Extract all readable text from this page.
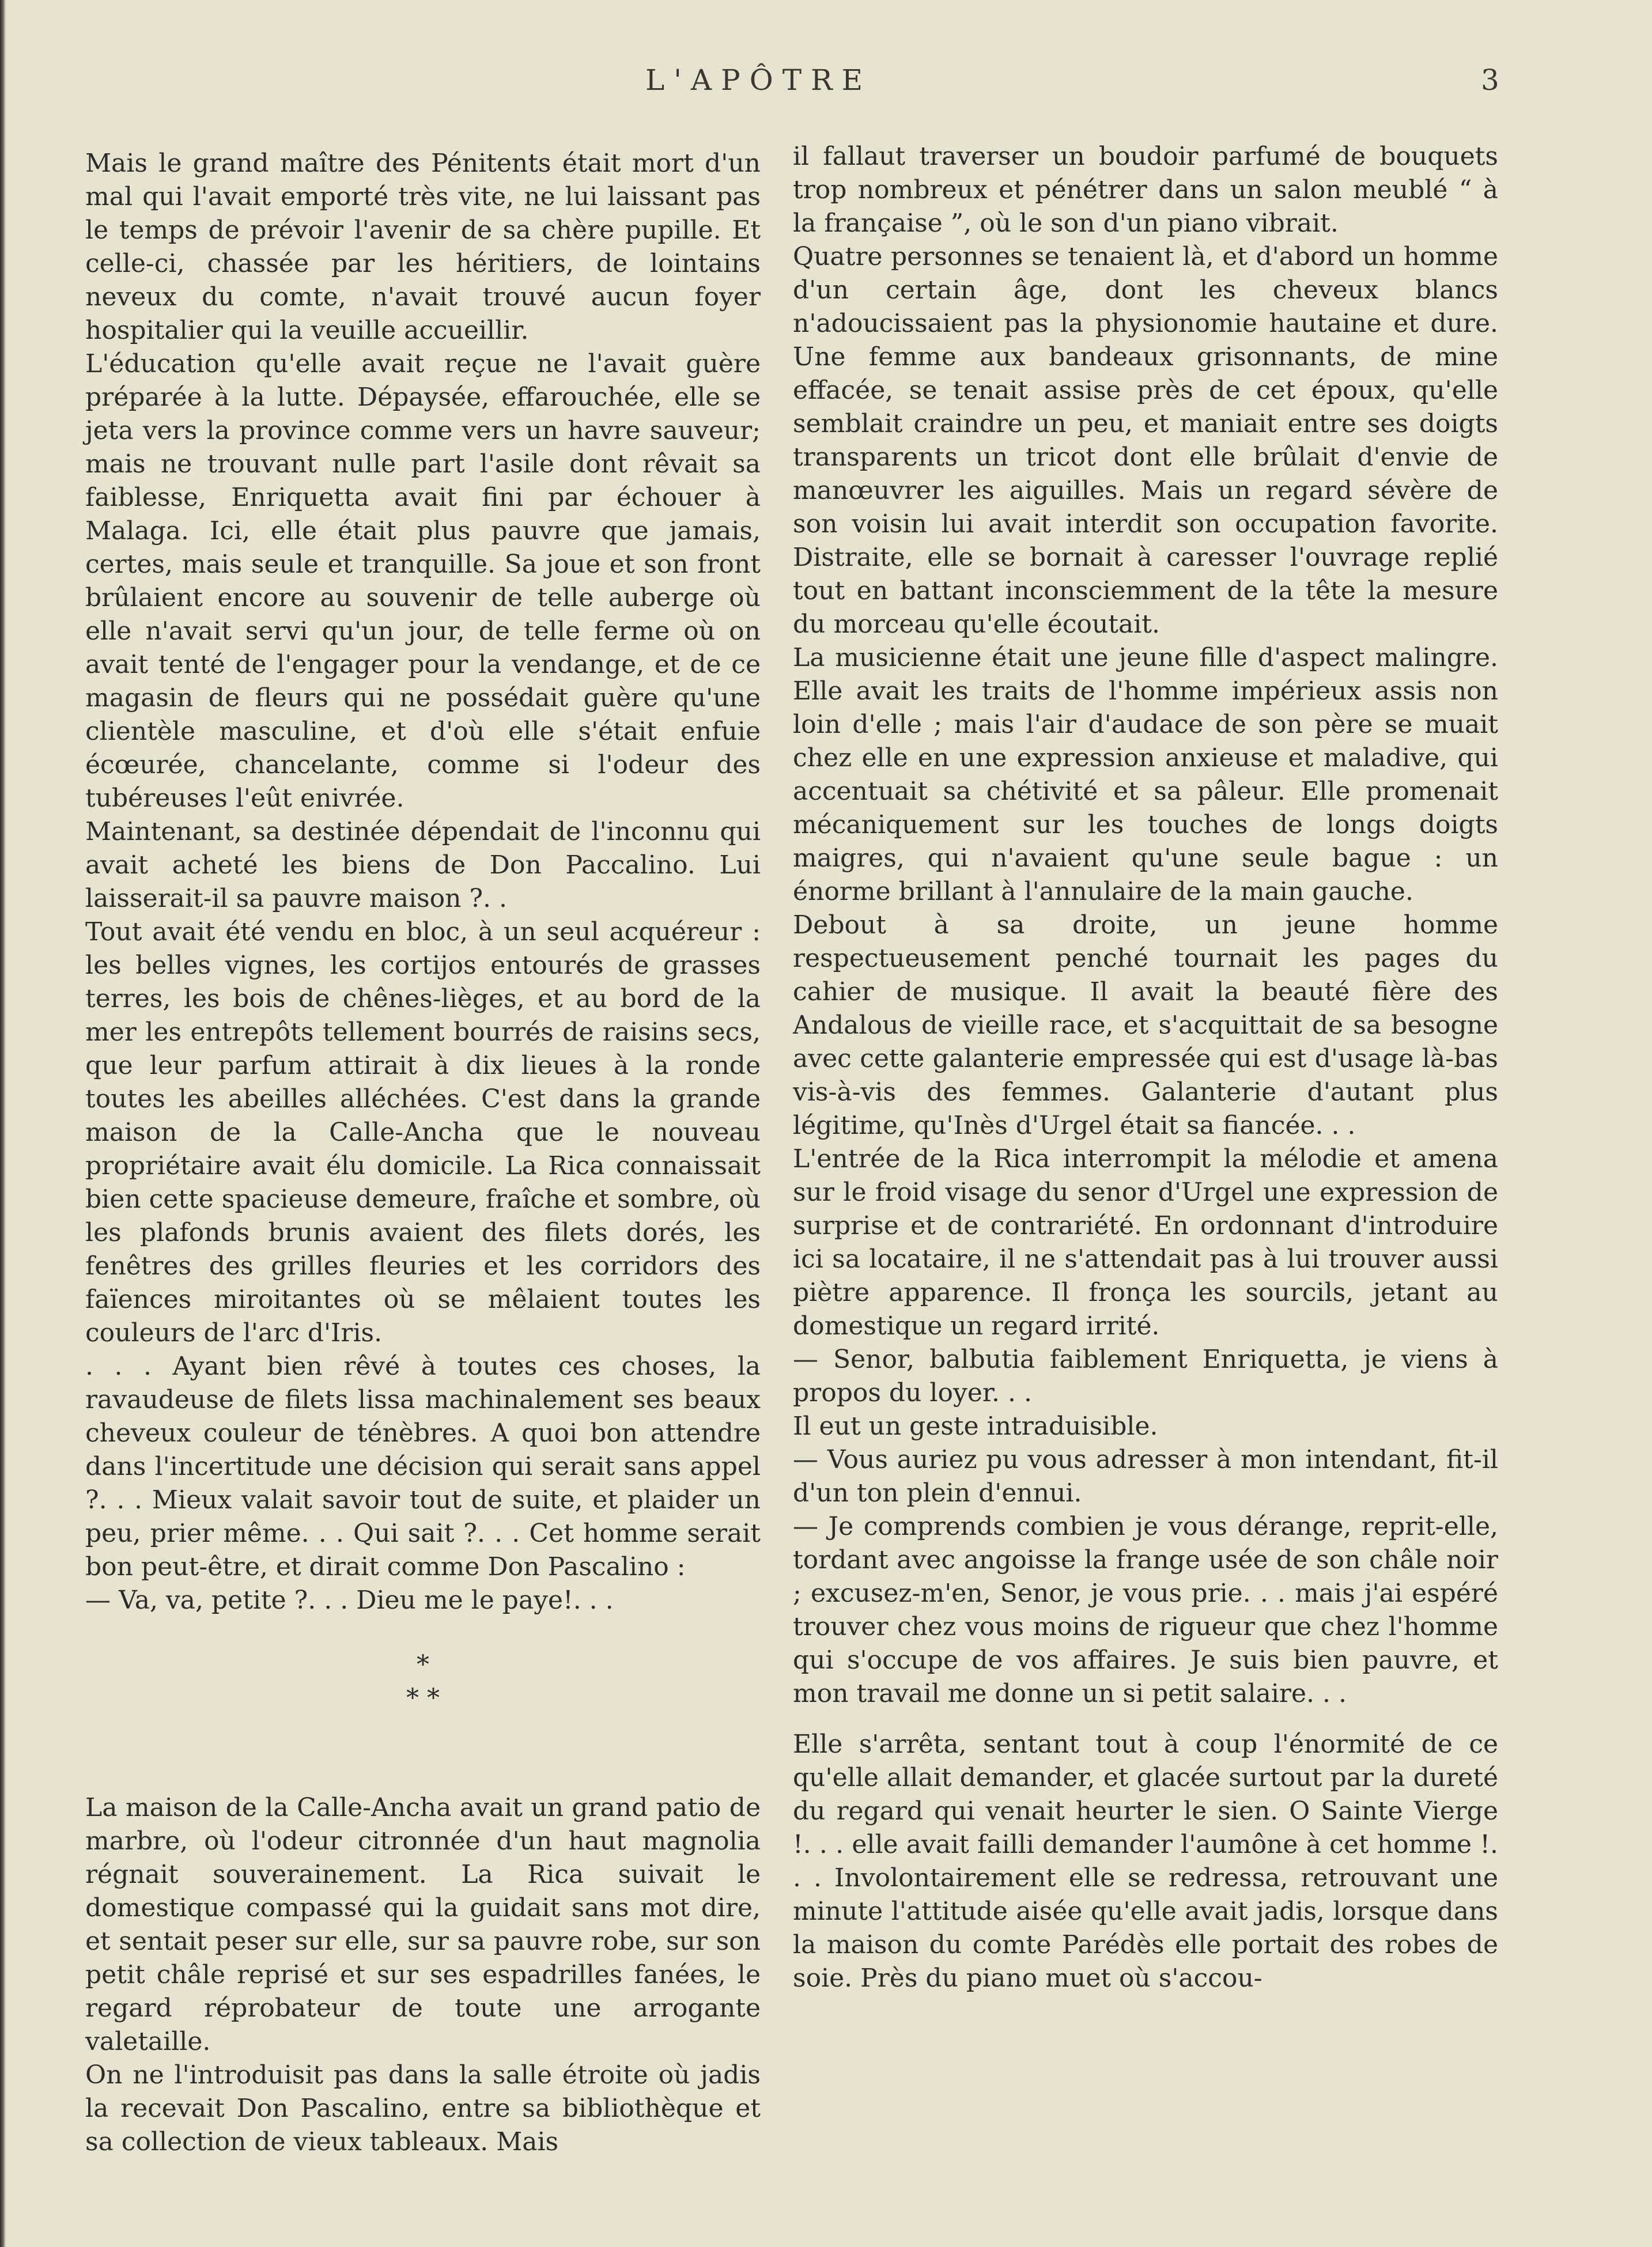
L'APÔTRE	3

Mais le grand maître des Pénitents était mort d'un mal qui l'avait emporté très vite, ne lui laissant pas le temps de prévoir l'avenir de sa chère pupille. Et celle-ci, chassée par les héritiers, de lointains neveux du comte, n'avait trouvé aucun foyer hospitalier qui la veuille accueillir.

L'éducation qu'elle avait reçue ne l'avait guère préparée à la lutte. Dépaysée, effarouchée, elle se jeta vers la province comme vers un havre sauveur; mais ne trouvant nulle part l'asile dont rêvait sa faiblesse, Enriquetta avait fini par échouer à Malaga. Ici, elle était plus pauvre que jamais, certes, mais seule et tranquille. Sa joue et son front brûlaient encore au souvenir de telle auberge où elle n'avait servi qu'un jour, de telle ferme où on avait tenté de l'engager pour la vendange, et de ce magasin de fleurs qui ne possédait guère qu'une clientèle masculine, et d'où elle s'était enfuie écœurée, chancelante, comme si l'odeur des tubéreuses l'eût enivrée.

Maintenant, sa destinée dépendait de l'inconnu qui avait acheté les biens de Don Paccalino. Lui laisserait-il sa pauvre maison ?. .

Tout avait été vendu en bloc, à un seul acquéreur : les belles vignes, les cortijos entourés de grasses terres, les bois de chênes-lièges, et au bord de la mer les entrepôts tellement bourrés de raisins secs, que leur parfum attirait à dix lieues à la ronde toutes les abeilles alléchées. C'est dans la grande maison de la Calle-Ancha que le nouveau propriétaire avait élu domicile. La Rica connaissait bien cette spacieuse demeure, fraîche et sombre, où les plafonds brunis avaient des filets dorés, les fenêtres des grilles fleuries et les corridors des faïences miroitantes où se mêlaient toutes les couleurs de l'arc d'Iris.

. . . Ayant bien rêvé à toutes ces choses, la ravaudeuse de filets lissa machinalement ses beaux cheveux couleur de ténèbres. A quoi bon attendre dans l'incertitude une décision qui serait sans appel ?. . . Mieux valait savoir tout de suite, et plaider un peu, prier même. . . Qui sait ?. . . Cet homme serait bon peut-être, et dirait comme Don Pascalino :

— Va, va, petite ?. . . Dieu me le paye!. . .

*
* *

La maison de la Calle-Ancha avait un grand patio de marbre, où l'odeur citronnée d'un haut magnolia régnait souverainement. La Rica suivait le domestique compassé qui la guidait sans mot dire, et sentait peser sur elle, sur sa pauvre robe, sur son petit châle reprisé et sur ses espadrilles fanées, le regard réprobateur de toute une arrogante valetaille.

On ne l'introduisit pas dans la salle étroite où jadis la recevait Don Pascalino, entre sa bibliothèque et sa collection de vieux tableaux. Mais

il fallaut traverser un boudoir parfumé de bouquets trop nombreux et pénétrer dans un salon meublé “ à la française ”, où le son d'un piano vibrait.

Quatre personnes se tenaient là, et d'abord un homme d'un certain âge, dont les cheveux blancs n'adoucissaient pas la physionomie hautaine et dure. Une femme aux bandeaux grisonnants, de mine effacée, se tenait assise près de cet époux, qu'elle semblait craindre un peu, et maniait entre ses doigts transparents un tricot dont elle brûlait d'envie de manœuvrer les aiguilles. Mais un regard sévère de son voisin lui avait interdit son occupation favorite. Distraite, elle se bornait à caresser l'ouvrage replié tout en battant inconsciemment de la tête la mesure du morceau qu'elle écoutait.

La musicienne était une jeune fille d'aspect malingre. Elle avait les traits de l'homme impérieux assis non loin d'elle ; mais l'air d'audace de son père se muait chez elle en une expression anxieuse et maladive, qui accentuait sa chétivité et sa pâleur. Elle promenait mécaniquement sur les touches de longs doigts maigres, qui n'avaient qu'une seule bague : un énorme brillant à l'annulaire de la main gauche.

Debout à sa droite, un jeune homme respectueusement penché tournait les pages du cahier de musique. Il avait la beauté fière des Andalous de vieille race, et s'acquittait de sa besogne avec cette galanterie empressée qui est d'usage là-bas vis-à-vis des femmes. Galanterie d'autant plus légitime, qu'Inès d'Urgel était sa fiancée. . .

L'entrée de la Rica interrompit la mélodie et amena sur le froid visage du senor d'Urgel une expression de surprise et de contrariété. En ordonnant d'introduire ici sa locataire, il ne s'attendait pas à lui trouver aussi piètre apparence. Il fronça les sourcils, jetant au domestique un regard irrité.

— Senor, balbutia faiblement Enriquetta, je viens à propos du loyer. . .

Il eut un geste intraduisible.

— Vous auriez pu vous adresser à mon intendant, fit-il d'un ton plein d'ennui.

— Je comprends combien je vous dérange, reprit-elle, tordant avec angoisse la frange usée de son châle noir ; excusez-m'en, Senor, je vous prie. . . mais j'ai espéré trouver chez vous moins de rigueur que chez l'homme qui s'occupe de vos affaires. Je suis bien pauvre, et mon travail me donne un si petit salaire. . .

Elle s'arrêta, sentant tout à coup l'énormité de ce qu'elle allait demander, et glacée surtout par la dureté du regard qui venait heurter le sien. O Sainte Vierge !. . . elle avait failli demander l'aumône à cet homme !. . . Involontairement elle se redressa, retrouvant une minute l'attitude aisée qu'elle avait jadis, lorsque dans la maison du comte Parédès elle portait des robes de soie. Près du piano muet où s'accou-
